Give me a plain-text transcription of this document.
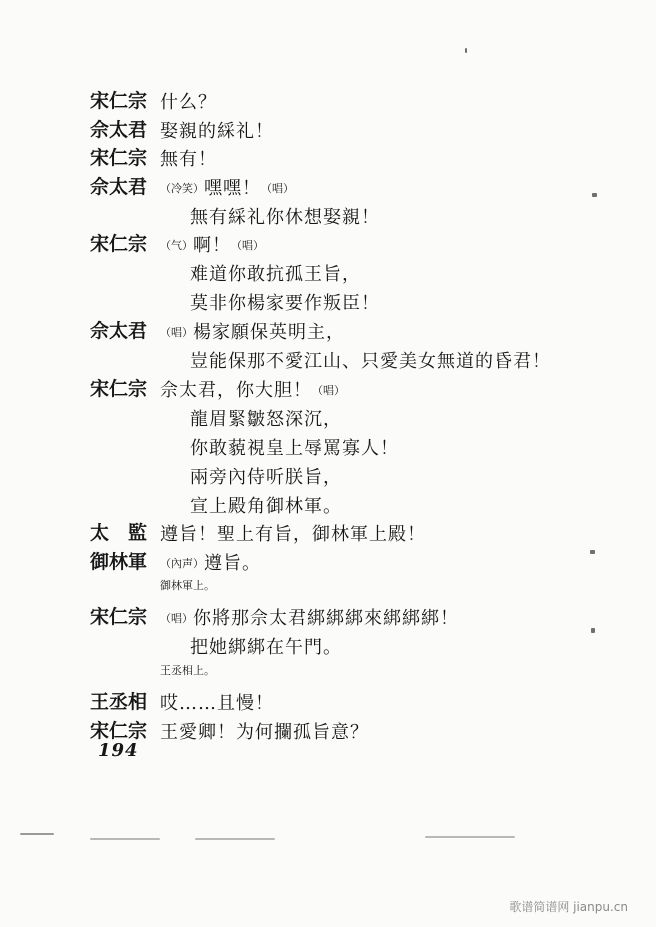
宋仁宗 什么？
佘太君 娶親的綵礼！
宋仁宗 無有！
佘太君 （冷笑）嘿嘿！（唱）
無有綵礼你休想娶親！
宋仁宗 （气）啊！（唱）
难道你敢抗孤王旨，
莫非你楊家要作叛臣！
佘太君 （唱）楊家願保英明主，
豈能保那不愛江山、只愛美女無道的昏君！
宋仁宗 佘太君，你大胆！（唱）
龍眉緊皺怒深沉，
你敢藐視皇上辱罵寡人！
兩旁內侍听朕旨，
宣上殿角御林軍。
太　監 遵旨！聖上有旨，御林軍上殿！
御林軍 （內声）遵旨。
御林軍上。
宋仁宗 （唱）你將那佘太君綁綁綁來綁綁綁！
把她綁綁在午門。
王丞相上。
王丞相 哎……且慢！
宋仁宗 王愛卿！为何攔孤旨意？
194
歌谱简谱网 jianpu.cn
